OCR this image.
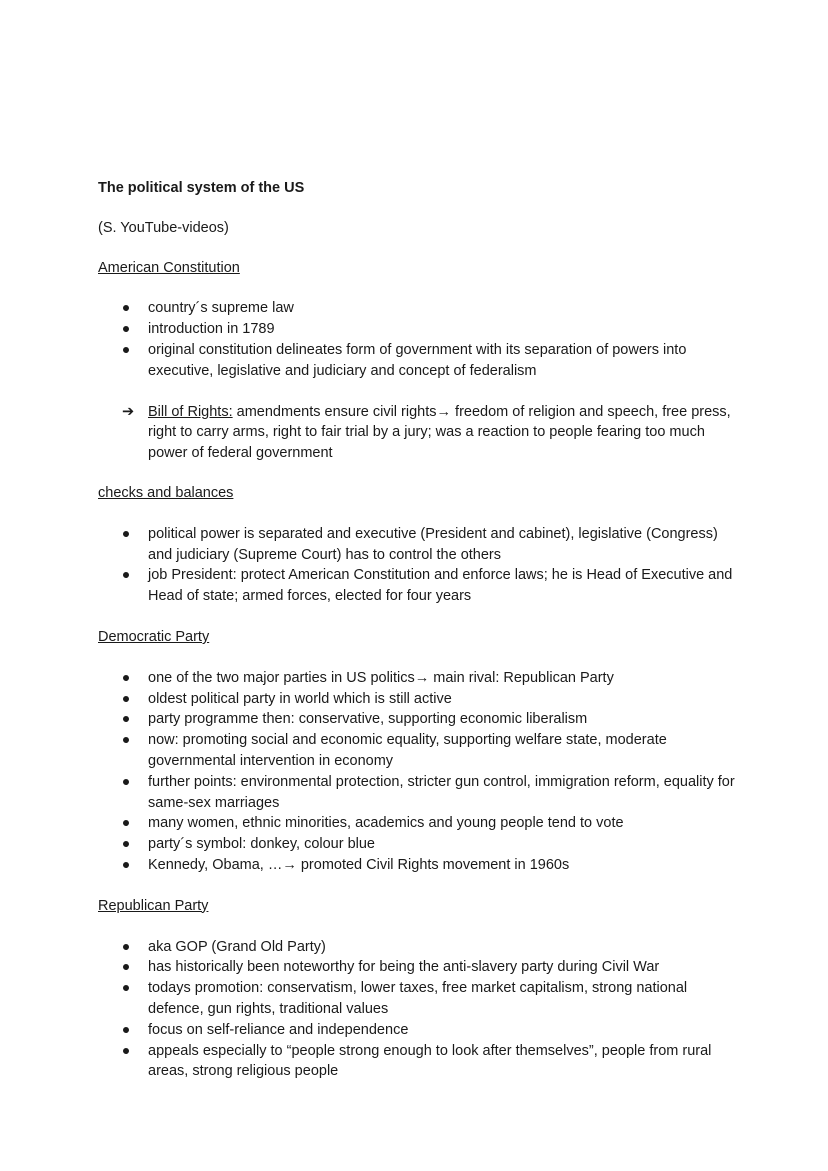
The political system of the US
(S. YouTube-videos)
American Constitution
country´s supreme law
introduction in 1789
original constitution delineates form of government with its separation of powers into executive, legislative and judiciary and concept of federalism
➔ Bill of Rights: amendments ensure civil rights→ freedom of religion and speech, free press, right to carry arms, right to fair trial by a jury; was a reaction to people fearing too much power of federal government
checks and balances
political power is separated and executive (President and cabinet), legislative (Congress) and judiciary (Supreme Court) has to control the others
job President: protect American Constitution and enforce laws; he is Head of Executive and Head of state; armed forces, elected for four years
Democratic Party
one of the two major parties in US politics→ main rival: Republican Party
oldest political party in world which is still active
party programme then: conservative, supporting economic liberalism
now: promoting social and economic equality, supporting welfare state, moderate governmental intervention in economy
further points: environmental protection, stricter gun control, immigration reform, equality for same-sex marriages
many women, ethnic minorities, academics and young people tend to vote
party´s symbol: donkey, colour blue
Kennedy, Obama, …→ promoted Civil Rights movement in 1960s
Republican Party
aka GOP (Grand Old Party)
has historically been noteworthy for being the anti-slavery party during Civil War
todays promotion: conservatism, lower taxes, free market capitalism, strong national defence, gun rights, traditional values
focus on self-reliance and independence
appeals especially to “people strong enough to look after themselves”, people from rural areas, strong religious people
